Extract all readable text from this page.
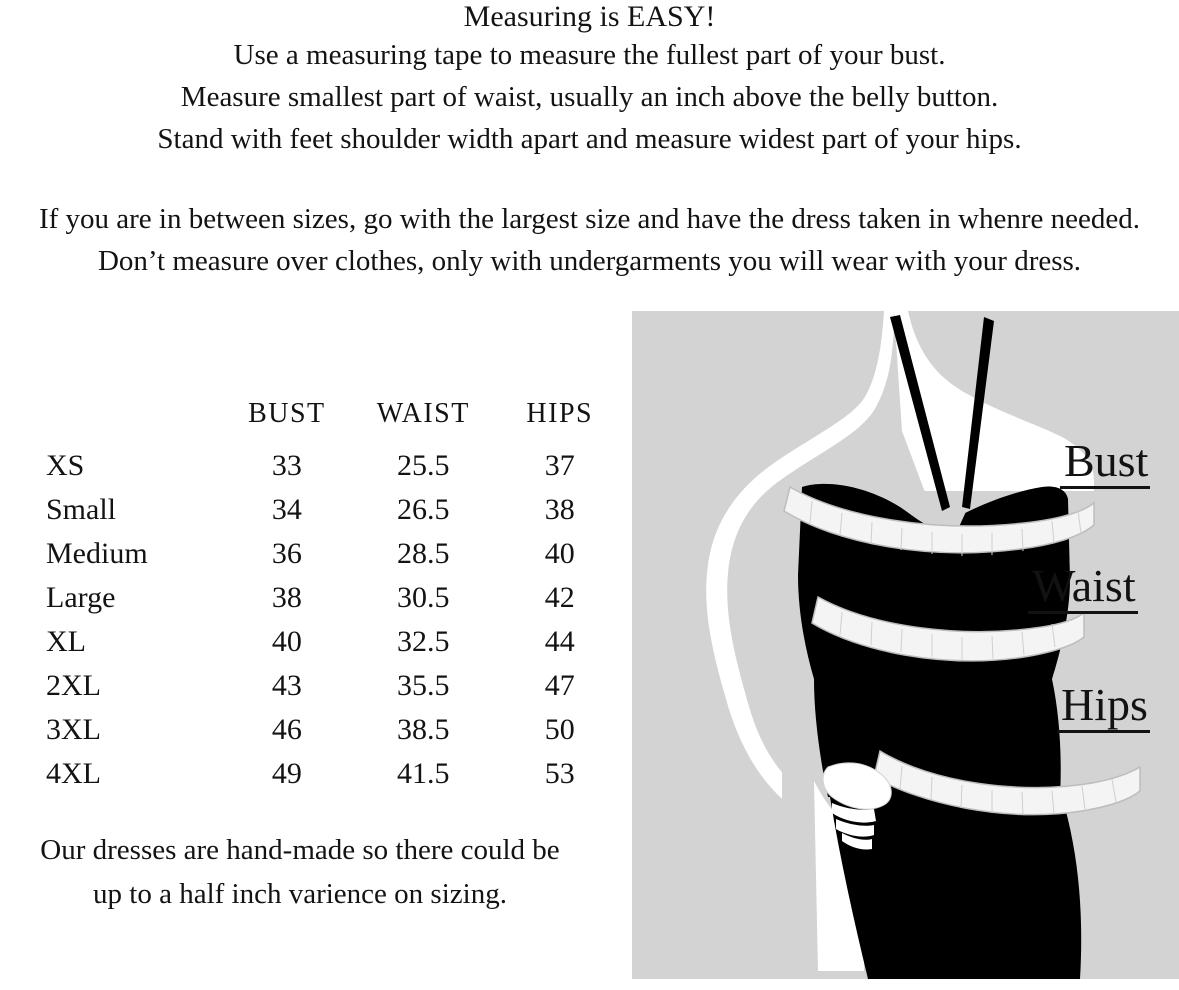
Measuring is EASY!
Use a measuring tape to measure the fullest part of your bust.
Measure smallest part of waist, usually an inch above the belly button.
Stand with feet shoulder width apart and measure widest part of your hips.
If you are in between sizes, go with the largest size and have the dress taken in whenre needed.
Don’t measure over clothes, only with undergarments you will wear with your dress.
Bust
Waist
Hips
	BUST	WAIST	HIPS
XS	33	25.5	37
Small	34	26.5	38
Medium	36	28.5	40
Large	38	30.5	42
XL	40	32.5	44
2XL	43	35.5	47
3XL	46	38.5	50
4XL	49	41.5	53
Our dresses are hand-made so there could be up to a half inch varience on sizing.
